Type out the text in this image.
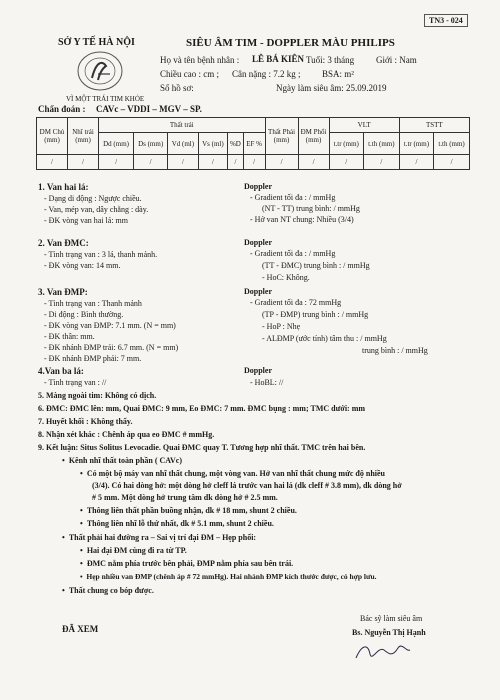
TN3 - 024
SỞ Y TẾ HÀ NỘI	SIÊU ÂM TIM - DOPPLER MÀU PHILIPS
VÌ MỘT TRÁI TIM KHỎE
Họ và tên bệnh nhân : LÊ BÁ KIÊN Tuổi: 3 tháng Giới : Nam
Chiều cao : cm ; Cân nặng : 7.2 kg ; BSA: m²
Số hồ sơ:	Ngày làm siêu âm: 25.09.2019
Chẩn đoán : CAVc – VDDI – MGV – SP.
DM Chủ (mm)	Nhĩ trái (mm)	Thất trái						Thất Phải (mm)	ĐM Phổi (mm)	VLT		TSTT	
		Dd (mm)	Ds (mm)	Vd (ml)	Vs (ml)	%D	EF %			t.tr (mm)	t.th (mm)	t.tr (mm)	t.th (mm)
/	/	/	/	/	/	/	/	/	/	/	/	/	/
1. Van hai lá:
- Dạng di động : Ngược chiều.
- Van, mép van, dây chằng : dày.
- ĐK vòng van hai lá: mm
Doppler
- Gradient tối đa : / mmHg
(NT - TT) trung bình: / mmHg
- Hở van NT chung: Nhiều (3/4)
2. Van ĐMC:
- Tình trạng van : 3 lá, thanh mảnh.
- ĐK vòng van: 14 mm.
Doppler
- Gradient tối đa : / mmHg
(TT - ĐMC) trung bình : / mmHg
- HoC: Không.
3. Van ĐMP:
- Tình trạng van : Thanh mảnh
- Di động : Bình thường.
- ĐK vòng van ĐMP: 7.1 mm. (N = mm)
- ĐK thân: mm.
- ĐK nhánh ĐMP trái: 6.7 mm. (N = mm)
- ĐK nhánh ĐMP phải: 7 mm.
Doppler
- Gradient tối đa : 72 mmHg
(TP - ĐMP) trung bình : / mmHg
- HoP : Nhẹ
- ALĐMP (ước tính) tâm thu : / mmHg
trung bình : / mmHg
4.Van ba lá:
- Tình trạng van : //
Doppler
- HoBL: //
5. Màng ngoài tim: Không có dịch.
6. ĐMC: ĐMC lên: mm, Quai ĐMC: 9 mm, Eo ĐMC: 7 mm. ĐMC bụng : mm; TMC dưới: mm
7. Huyết khối : Không thấy.
8. Nhận xét khác : Chênh áp qua eo ĐMC # mmHg.
9. Kết luận: Situs Solitus Levocadie. Quai ĐMC quay T. Tương hợp nhĩ thất. TMC trên hai bên.
•  Kênh nhĩ thất toàn phần ( CAVc)
•  Có một bộ máy van nhĩ thất chung, một vòng van. Hở van nhĩ thất chung mức độ nhiều
(3/4). Có hai dòng hở: một dòng hở cleff lá trước van hai lá (dk cleff # 3.8 mm), dk dòng hở
# 5 mm. Một dòng hở trung tâm dk dòng hở # 2.5 mm.
•  Thông liên thất phần buồng nhận, dk # 18 mm, shunt 2 chiều.
•  Thông liên nhĩ lỗ thứ nhất, dk # 5.1 mm, shunt 2 chiều.
•  Thất phải hai đường ra – Sai vị trí đại ĐM – Hẹp phổi:
•  Hai đại ĐM cùng đi ra từ TP.
•  ĐMC nằm phía trước bên phải, ĐMP nằm phía sau bên trái.
•  Hẹp nhiều van ĐMP (chênh áp # 72 mmHg). Hai nhánh ĐMP kích thước được, có hợp lưu.
•  Thất chung co bóp được.
ĐÃ XEM
Bác sỹ làm siêu âm
Bs. Nguyễn Thị Hạnh
